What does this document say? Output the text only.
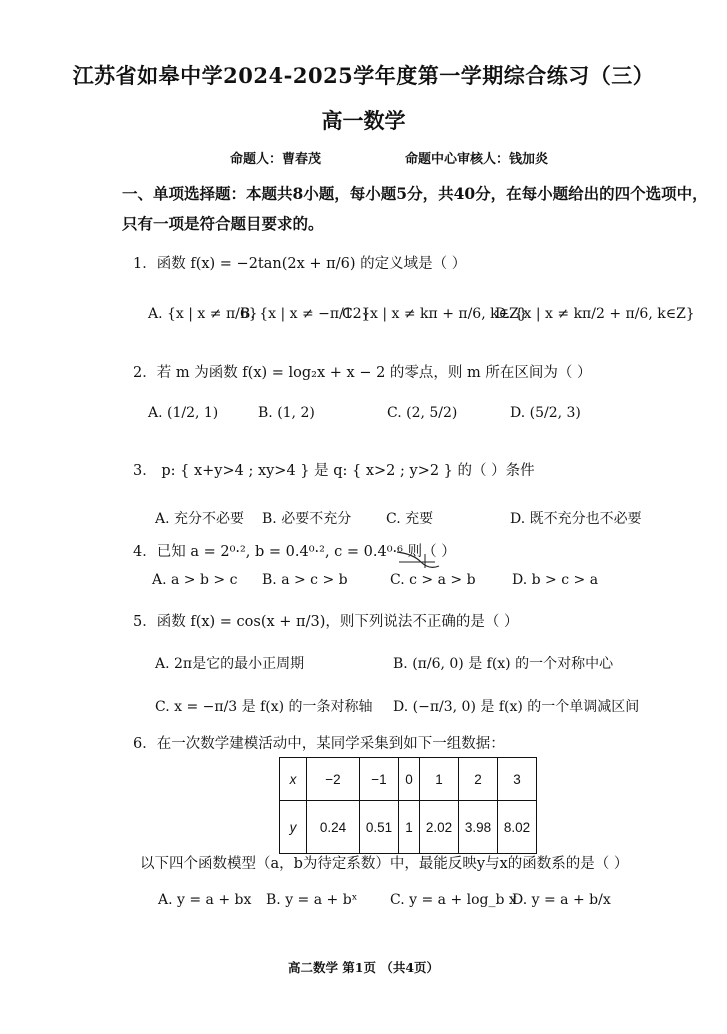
江苏省如皋中学2024-2025学年度第一学期综合练习（三）
高一数学
命题人：曹春茂	命题中心审核人：钱加炎
一、单项选择题：本题共8小题，每小题5分，共40分，在每小题给出的四个选项中，
只有一项是符合题目要求的。
1．函数 f(x) = −2tan(2x + π/6) 的定义域是（ ）
A. {x | x ≠ π/6}
B. {x | x ≠ −π/12}
C. {x | x ≠ kπ + π/6, k∈Z}
D. {x | x ≠ kπ/2 + π/6, k∈Z}
2．若 m 为函数 f(x) = log₂x + x − 2 的零点，则 m 所在区间为（ ）
A. (1/2, 1)	B. (1, 2)	C. (2, 5/2)	D. (5/2, 3)
3． p: { x+y>4 ; xy>4 } 是 q: { x>2 ; y>2 } 的（ ）条件
A. 充分不必要 B. 必要不充分 C. 充要	D. 既不充分也不必要
4．已知 a = 2⁰·², b = 0.4⁰·², c = 0.4⁰·⁶ 则（ ）
A. a > b > c B. a > c > b	C. c > a > b	D. b > c > a
5．函数 f(x) = cos(x + π/3)，则下列说法不正确的是（ ）
A. 2π是它的最小正周期	B. (π/6, 0) 是 f(x) 的一个对称中心
C. x = −π/3 是 f(x) 的一条对称轴 D. (−π/3, 0) 是 f(x) 的一个单调减区间
6．在一次数学建模活动中，某同学采集到如下一组数据：
x	−2	−1	0	1	2	3
y	0.24	0.51	1	2.02	3.98	8.02
以下四个函数模型（a，b为待定系数）中，最能反映y与x的函数系的是（ ）
A. y = a + bx B. y = a + bˣ C. y = a + log_b x
D. y = a + b/x
高二数学 第1页 （共4页）
